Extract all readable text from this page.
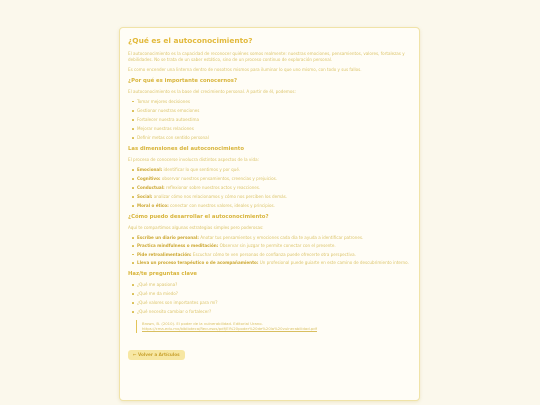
¿Qué es el autoconocimiento?

El autoconocimiento es la capacidad de reconocer quiénes somos realmente: nuestras emociones, pensamientos, valores, fortalezas y debilidades. No se trata de un saber estático, sino de un proceso continuo de exploración personal.

Es como encender una linterna dentro de nosotros mismos para iluminar lo que uno mismo, con todo y sus fallos.

¿Por qué es importante conocernos?

El autoconocimiento es la base del crecimiento personal. A partir de él, podemos:

Tomar mejores decisiones
Gestionar nuestras emociones
Fortalecer nuestra autoestima
Mejorar nuestras relaciones
Definir metas con sentido personal
Las dimensiones del autoconocimiento

El proceso de conocerse involucra distintos aspectos de la vida:

Emocional: identificar lo que sentimos y por qué.
Cognitivo: observar nuestros pensamientos, creencias y prejuicios.
Conductual: reflexionar sobre nuestros actos y reacciones.
Social: analizar cómo nos relacionamos y cómo nos perciben los demás.
Moral o ético: conectar con nuestros valores, ideales y principios.
¿Cómo puedo desarrollar el autoconocimiento?

Aquí te compartimos algunas estrategias simples pero poderosas:

Escribe un diario personal: Anotar tus pensamientos y emociones cada día te ayuda a identificar patrones.
Practica mindfulness o meditación: Observar sin juzgar te permite conectar con el presente.
Pide retroalimentación: Escuchar cómo te ven personas de confianza puede ofrecerte otra perspectiva.
Lleva un proceso terapéutico o de acompañamiento: Un profesional puede guiarte en este camino de descubrimiento interno.
Haz/te preguntas clave
¿Qué me apasiona?
¿Qué me da miedo?
¿Qué valores son importantes para mí?
¿Qué necesito cambiar o fortalecer?
Brown, B. (2010). El poder de la vulnerabilidad. Editorial Urano.
https://cma.edu.mx/biblioteca/Recursos/pdf/El%20poder%20de%20la%20vulnerabilidad.pdf
← Volver a Artículos
